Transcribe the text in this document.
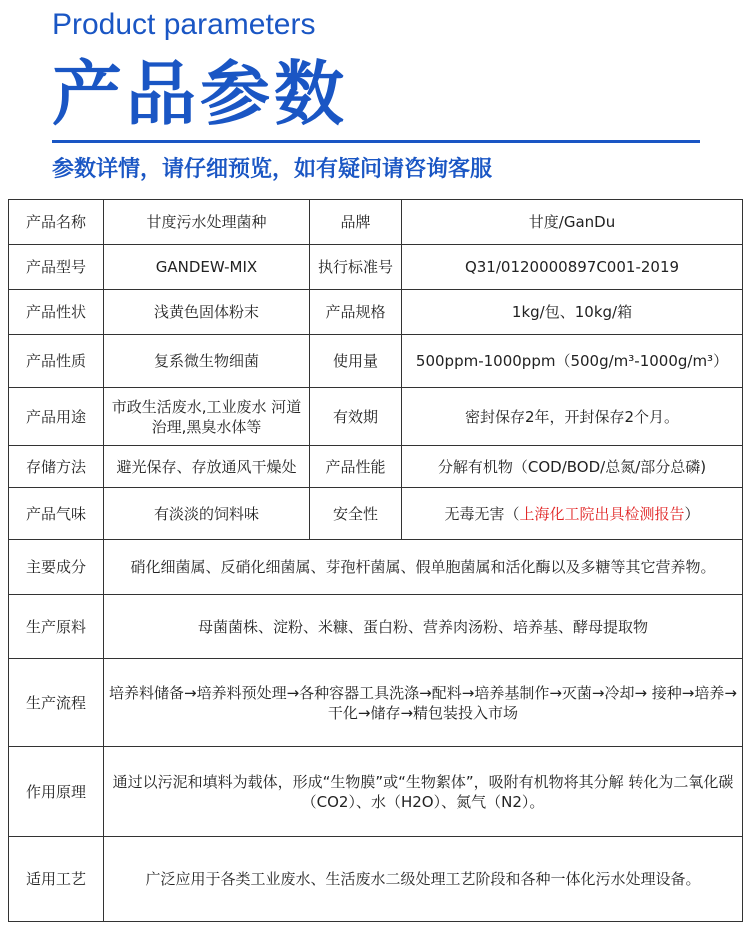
Product parameters
产品参数
参数详情，请仔细预览，如有疑问请咨询客服
产品名称	甘度污水处理菌种	品牌	甘度/GanDu
产品型号	GANDEW-MIX	执行标准号	Q31/0120000897C001-2019
产品性状	浅黄色固体粉末	产品规格	1kg/包、10kg/箱
产品性质	复系微生物细菌	使用量	500ppm-1000ppm（500g/m³-1000g/m³）
产品用途	市政生活废水,工业废水 河道治理,黑臭水体等	有效期	密封保存2年，开封保存2个月。
存储方法	避光保存、存放通风干燥处	产品性能	分解有机物（COD/BOD/总氮/部分总磷)
产品气味	有淡淡的饲料味	安全性	无毒无害（上海化工院出具检测报告）
主要成分	硝化细菌属、反硝化细菌属、芽孢杆菌属、假单胞菌属和活化酶以及多糖等其它营养物。		
生产原料	母菌菌株、淀粉、米糠、蛋白粉、营养肉汤粉、培养基、酵母提取物		
生产流程	培养料储备→培养料预处理→各种容器工具洗涤→配料→培养基制作→灭菌→冷却→ 接种→培养→干化→储存→精包装投入市场		
作用原理	通过以污泥和填料为载体，形成“生物膜”或“生物絮体”，吸附有机物将其分解 转化为二氧化碳（CO2）、水（H2O）、氮气（N2）。		
适用工艺	广泛应用于各类工业废水、生活废水二级处理工艺阶段和各种一体化污水处理设备。		
